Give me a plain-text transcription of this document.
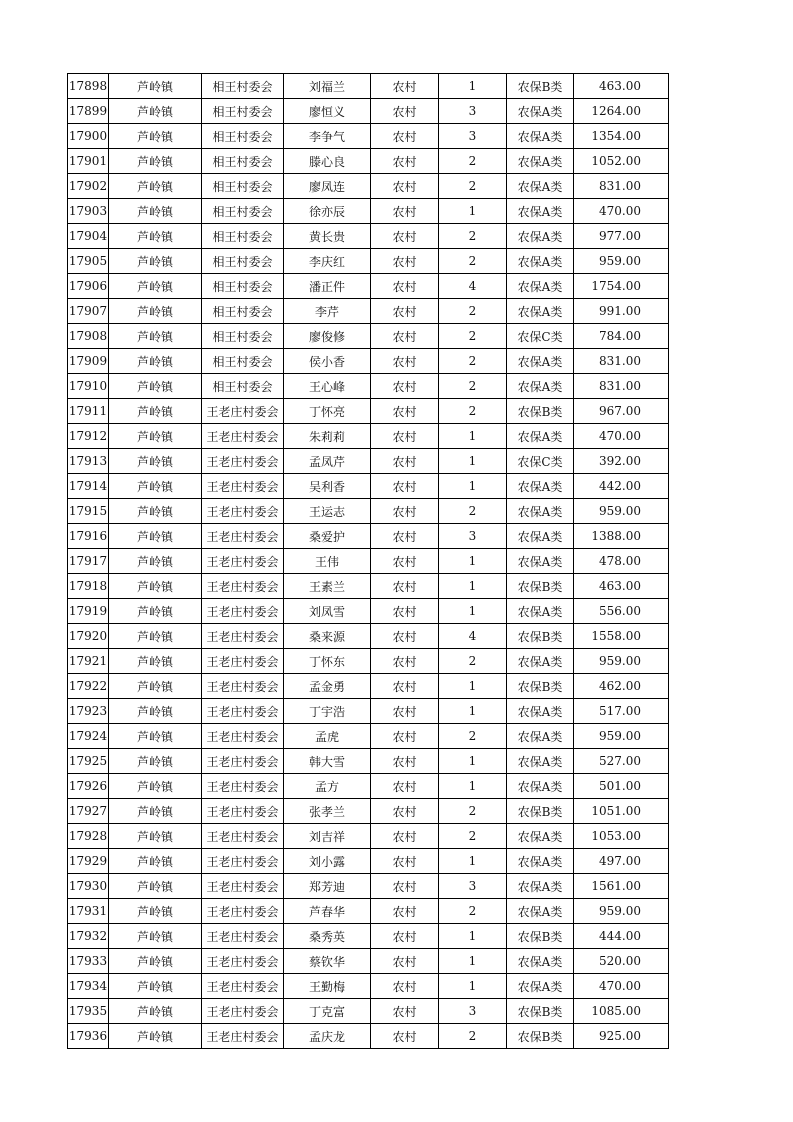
17898	芦岭镇	相王村委会	刘福兰	农村	1	农保B类	463.00
17899	芦岭镇	相王村委会	廖恒义	农村	3	农保A类	1264.00
17900	芦岭镇	相王村委会	李争气	农村	3	农保A类	1354.00
17901	芦岭镇	相王村委会	滕心良	农村	2	农保A类	1052.00
17902	芦岭镇	相王村委会	廖凤连	农村	2	农保A类	831.00
17903	芦岭镇	相王村委会	徐亦辰	农村	1	农保A类	470.00
17904	芦岭镇	相王村委会	黄长贵	农村	2	农保A类	977.00
17905	芦岭镇	相王村委会	李庆红	农村	2	农保A类	959.00
17906	芦岭镇	相王村委会	潘正件	农村	4	农保A类	1754.00
17907	芦岭镇	相王村委会	李芹	农村	2	农保A类	991.00
17908	芦岭镇	相王村委会	廖俊修	农村	2	农保C类	784.00
17909	芦岭镇	相王村委会	侯小香	农村	2	农保A类	831.00
17910	芦岭镇	相王村委会	王心峰	农村	2	农保A类	831.00
17911	芦岭镇	王老庄村委会	丁怀亮	农村	2	农保B类	967.00
17912	芦岭镇	王老庄村委会	朱莉莉	农村	1	农保A类	470.00
17913	芦岭镇	王老庄村委会	孟凤芹	农村	1	农保C类	392.00
17914	芦岭镇	王老庄村委会	吴利香	农村	1	农保A类	442.00
17915	芦岭镇	王老庄村委会	王运志	农村	2	农保A类	959.00
17916	芦岭镇	王老庄村委会	桑爱护	农村	3	农保A类	1388.00
17917	芦岭镇	王老庄村委会	王伟	农村	1	农保A类	478.00
17918	芦岭镇	王老庄村委会	王素兰	农村	1	农保B类	463.00
17919	芦岭镇	王老庄村委会	刘凤雪	农村	1	农保A类	556.00
17920	芦岭镇	王老庄村委会	桑来源	农村	4	农保B类	1558.00
17921	芦岭镇	王老庄村委会	丁怀东	农村	2	农保A类	959.00
17922	芦岭镇	王老庄村委会	孟金勇	农村	1	农保B类	462.00
17923	芦岭镇	王老庄村委会	丁宇浩	农村	1	农保A类	517.00
17924	芦岭镇	王老庄村委会	孟虎	农村	2	农保A类	959.00
17925	芦岭镇	王老庄村委会	韩大雪	农村	1	农保A类	527.00
17926	芦岭镇	王老庄村委会	孟方	农村	1	农保A类	501.00
17927	芦岭镇	王老庄村委会	张孝兰	农村	2	农保B类	1051.00
17928	芦岭镇	王老庄村委会	刘吉祥	农村	2	农保A类	1053.00
17929	芦岭镇	王老庄村委会	刘小露	农村	1	农保A类	497.00
17930	芦岭镇	王老庄村委会	郑芳迪	农村	3	农保A类	1561.00
17931	芦岭镇	王老庄村委会	芦春华	农村	2	农保A类	959.00
17932	芦岭镇	王老庄村委会	桑秀英	农村	1	农保B类	444.00
17933	芦岭镇	王老庄村委会	蔡钦华	农村	1	农保A类	520.00
17934	芦岭镇	王老庄村委会	王勤梅	农村	1	农保A类	470.00
17935	芦岭镇	王老庄村委会	丁克富	农村	3	农保B类	1085.00
17936	芦岭镇	王老庄村委会	孟庆龙	农村	2	农保B类	925.00
